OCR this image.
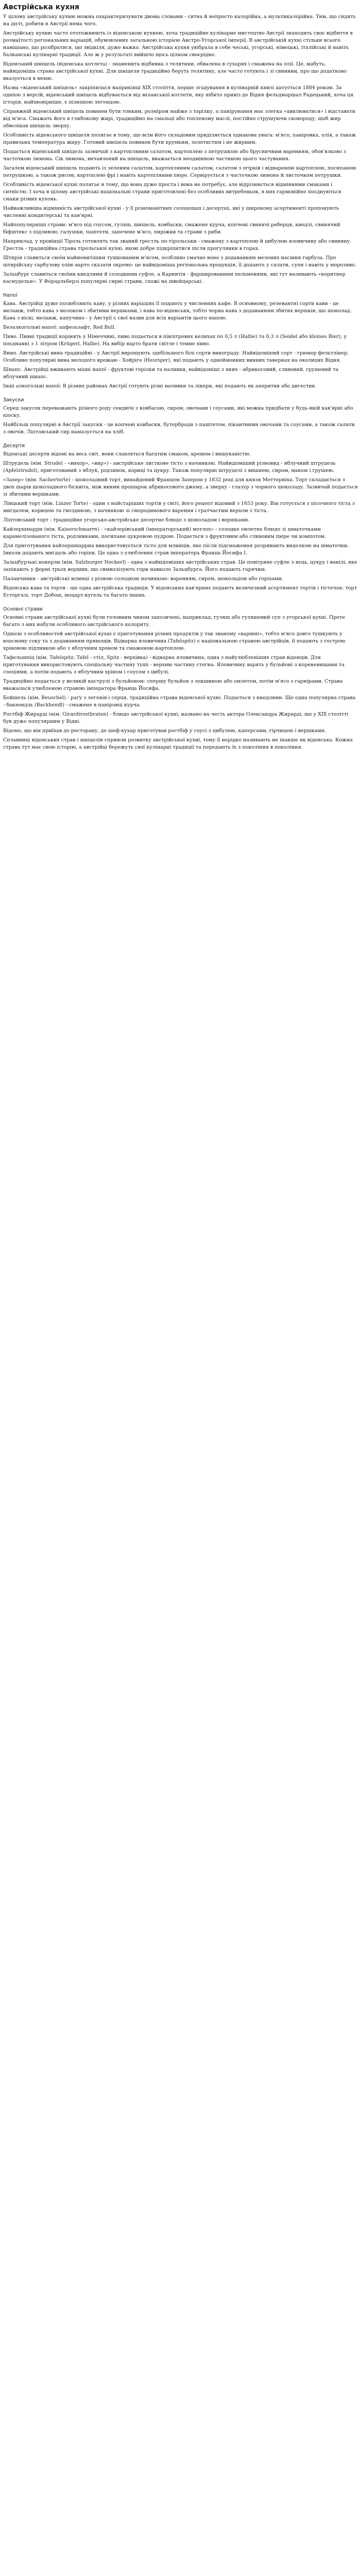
Австрійська кухня

У цілому австрійську кухню можна охарактеризувати двома словами - ситна й непросто калорійна, а мультикалорійна. Тим, що сидять на дієті, робити в Австрії нема чого.

Австрійську кухню часто ототожнюють із віденською кухнею, хоча традиційне кулінарне мистецтво Австрії знаходить своє відбиття в розмаїтості регіональних варіацій, обумовлених загальною історією Австро-Угорської імперії. В австрійській кухні стільки всього намішано, що розібратися, що звідкіля, дуже важко. Австрійська кухня увібрала в себе чеські, угорські, німецькі, італійські й навіть балканські кулінарні традиції. Але ж у результаті вийшло щось цілком своєрідне.

Віденський шніцель (віденська котлета) - знаменита відбивна з телятини, обвалена в сухарях і смажена на олії. Це, мабуть, найвідоміша страва австрійської кухні. Для шніцеля традиційно беруть телятину, але часто готують і зі свинини, про що додатково вказується в меню.

Назва «віденський шніцель» закріпилася наприкінці XIX століття, перше згадування в кулінарній книзі датується 1884 роком. За однією з версій, віденський шніцель відбувається від міланської котлети, яку нібито привіз до Відня фельдмаршал Радецький, хоча ця історія, найімовірніше, є пізнішою легендою.

Справжній віденський шніцель повинен бути тонким, розміром майже з тарілку, а панірування має злегка «хвилюватися» і відставати від м'яса. Смажать його в глибокому жирі, традиційно на смальці або топленому маслі, постійно струшуючи сковороду, щоб жир обволікав шніцель зверху.

Особливість віденського шніцеля полягає в тому, що всім його складовим приділяється однакова увага: м'ясо, паніровка, олія, а також правильна температура жиру. Готовий шніцель повинен бути хрумким, золотистим і не жирним.

Подається віденський шніцель зазвичай з картопляним салатом, картоплею з петрушкою або брусничним варенням, обов'язково з часточкою лимона. Сік лимона, вичавлений на шніцель, вважається неодмінною частиною цього частування.

Загалом віденський шніцель подають із зеленим салатом, картопляним салатом, салатом з огірків і відвареною картоплею, посипаною петрушкою, а також рисом, картоплею фрі і навіть картопляним пюре. Сервірується з часточкою лимона й листочком петрушки.

Особливість віденської кухні полягає в тому, що вона дуже проста і вона не потребує, але відрізняється відмінними смаками і ситністю. І хоча в цілому австрійські національні страви приготовлені без особливих витребеньок, в них гармонійно поєднуються смаки різних кухонь.

Найважливіша відмінність австрійської кухні - у її різноманітних солодощах і десертах, які у широкому асортименті пропонують численні кондитерські та кав'ярні.

Найпопулярніші страви: м'ясо під соусом, гуляш, шніцель, ковбаски, смажене курча, копчені свинячі реберця, кнедлі, свинячий біфштекс з підливою, галушки, паштети, запечене м'ясо, пиріжки та страви з риби.

Наприклад, у провінції Тіроль готовлять так званий грестль по-тірольськи - смажену з картоплею й цибулею яловичину або свинину. Грестль - традиційна страва тірольської кухні, якою добре підкріпитися після прогулянки в горах.

Штирія славиться своїм найменитішим тушкованим м'ясом, особливо смачне воно з додаванням мелених насіння гарбуза. Про штирійську гарбузову олію варто сказати окремо: це найвідоміша регіональна продукція, її додають у салати, супи і навіть у морозиво.

Зальцбург славиться своїми кнедлями й солодкими суфле, а Каринтія - фаршированими пельменями, які тут називають «кернтнер каснудельн». У Форарльберзі популярні сирні страви, схожі на швейцарські.

Напої

Кава. Австрійці дуже полюбляють каву, у різних варіаціях її подають у численних кафе. В основному, релевантні сорти кави - це меланж, тобто кава з молоком і збитими вершками, і кава по-віденськи, тобто чорна кава з додаванням збитих вершків, що шоколад. Кава з віскі, меланж, капучино - у Австрії є свої назви для всіх варіантів цього напою.

Безалкогольні напої: апфельзафт, Red Bull.

Пиво. Пивні традиції корінять у Німеччині, пиво подається в півлітрових келихах по 0,5 л (Halbe) та 0,3 л (Seidel або kleines Bier), у поєднанні з 1 літром (Krügerl, Halbe). На вибір варто брати світле і темне пиво.

Вино. Австрійські вина традиційні - у Австрії вирощують здебільшого білі сорти винограду. Найвідоміший сорт - грюнер фельтлінер. Особливо популярні вина молодого врожаю - Хойріге (Heuriger), які подають у однойменних винних тавернах на околицях Відня.

Шнапс. Австрійці вживають міцні напої - фруктові горілки та наливки, найвідоміші з яких - абрикосовий, сливовий, грушевий та яблучний шнапс.

Інші алкогольні напої: В різних районах Австрії готують різні наливки та лікери, які подають як аперитив або дигестив.

Закуски

Серед закусок переважають різного роду сендвічі з ковбасою, сиром, овочами і соусами, які можна придбати у будь-якій кав'ярні або кіоску.

Найбільш популярні в Австрії закуски - це копчені ковбаски, бутерброди з паштетом, пікантними овочами та соусами, а також салати з овочів. Ліптовський сир намазується на хліб.

Десерти

Віденські десерти відомі на весь світ, вони славляться багатим смаком, кремом і вишуканістю.

Штрудель (нім. Strudel - «вихор», «вир») - австрійське листкове тісто з начинкою. Найвідоміший різновид - яблучний штрудель (Apfelstrudel), приготований з яблук, родзинок, кориці та цукру. Також популярні штруделі з вишнею, сиром, маком і грушею.

«Захер» (нім. Sachertorte) - шоколадний торт, винайдений Францом Захером у 1832 році для князя Меттерніха. Торт складається з двох шарів шоколадного бісквіта, між якими прошарок абрикосового джему, а зверху - глазур з чорного шоколаду. Зазвичай подається зі збитими вершками.

Лінцький торт (нім. Linzer Torte) - один з найстаріших тортів у світі, його рецепт відомий з 1653 року. Він готується з пісочного тіста з мигдалем, корицею та гвоздикою, з начинкою зі смородинового варення і гратчастим верхом з тіста.

Ліптовський торт - традиційне угорсько-австрійське десертне блюдо з шоколадом і вершками.

Кайзершмаррн (нім. Kaiserschmarrn) - «кайзерівський (імператорський) мотлох» - солодке омлетне блюдо зі шматочками карамелізованого тіста, родзинками, посипане цукровою пудрою. Подається з фруктовим або сливовим пюре чи компотом.

Для приготування кайзершмаррна використовується тісто для млинців, яке після підсмаження розривають виделкою на шматочки. Інколи додають мигдаль або горіхи. Це одна з улюблених страв імператора Франца Йосифа I.

Зальцбурзькі нокерли (нім. Salzburger Nockerl) - одна з найвідоміших австрійських страв. Це повітряне суфле з яєць, цукру і ванілі, яке запікають у формі трьох вершин, що символізують гори навколо Зальцбурга. Його подають гарячим.

Паланчинки - австрійські млинці з різною солодкою начинкою: варенням, сиром, шоколадом або горіхами.

Віденська кава та торти - ще одна австрійська традиція. У віденських кав'ярнях подають величезний асортимент тортів і тістечок: торт Есторгазі, торт Добош, моцарт-кугель та багато інших.

Основні страви

Основні страви австрійської кухні були головним чином запозичені, наприклад, гуляш або гуляшевий суп з угорської кухні. Проте багато з них набули особливого австрійського колориту.

Однією з особливостей австрійської кухні є приготування різних продуктів у так званому «варінні», тобто м'ясо довго тушкують у власному соку та з додаванням прянощів. Відварна яловичина (Tafelspitz) є національною стравою австрійців, її подають з гострою хріновою підливкою або з яблучним хроном та смаженою картоплею.

Тафельшпіц (нім. Tafelspitz; Tafel - стіл, Spitz - верхівка) - відварна яловичина, одна з найулюбленіших страв віденців. Для приготування використовують спеціальну частину туші - верхню частину стегна. Яловичину варять у бульйоні з кореневищами та спеціями, а потім подають з яблучним хріном і соусом з цибулі.

Традиційно подається у великій каструлі з бульйоном: спершу бульйон з локшиною або омлетом, потім м'ясо з гарнірами. Страва вважалася улюбленою стравою імператора Франца Йосифа.

Бойшель (нім. Beuschel) - рагу з легенів і серця, традиційна страва віденської кухні. Подається з кнедлями. Ще одна популярна страва - бакхендль (Backhendl) - смажене в паніровці курча.

Ростбіф Жирарді (нім. Girardirostbraten) - блюдо австрійської кухні, названо на честь актора Олександра Жирарді, що у XIX столітті був дуже популярним у Відні.

Відомо, що він приїхав до ресторану, де шеф-кухар приготував ростбіф у соусі з цибулею, каперсами, гірчицею і вершками.

Сплавниці віденських страв і шніцелів сприяли розвитку австрійської кухні, тому її нерідко називають не інакше як віденська. Кожна страва тут має свою історію, а австрійці бережуть свої кулінарні традиції та передають їх з покоління в покоління.
